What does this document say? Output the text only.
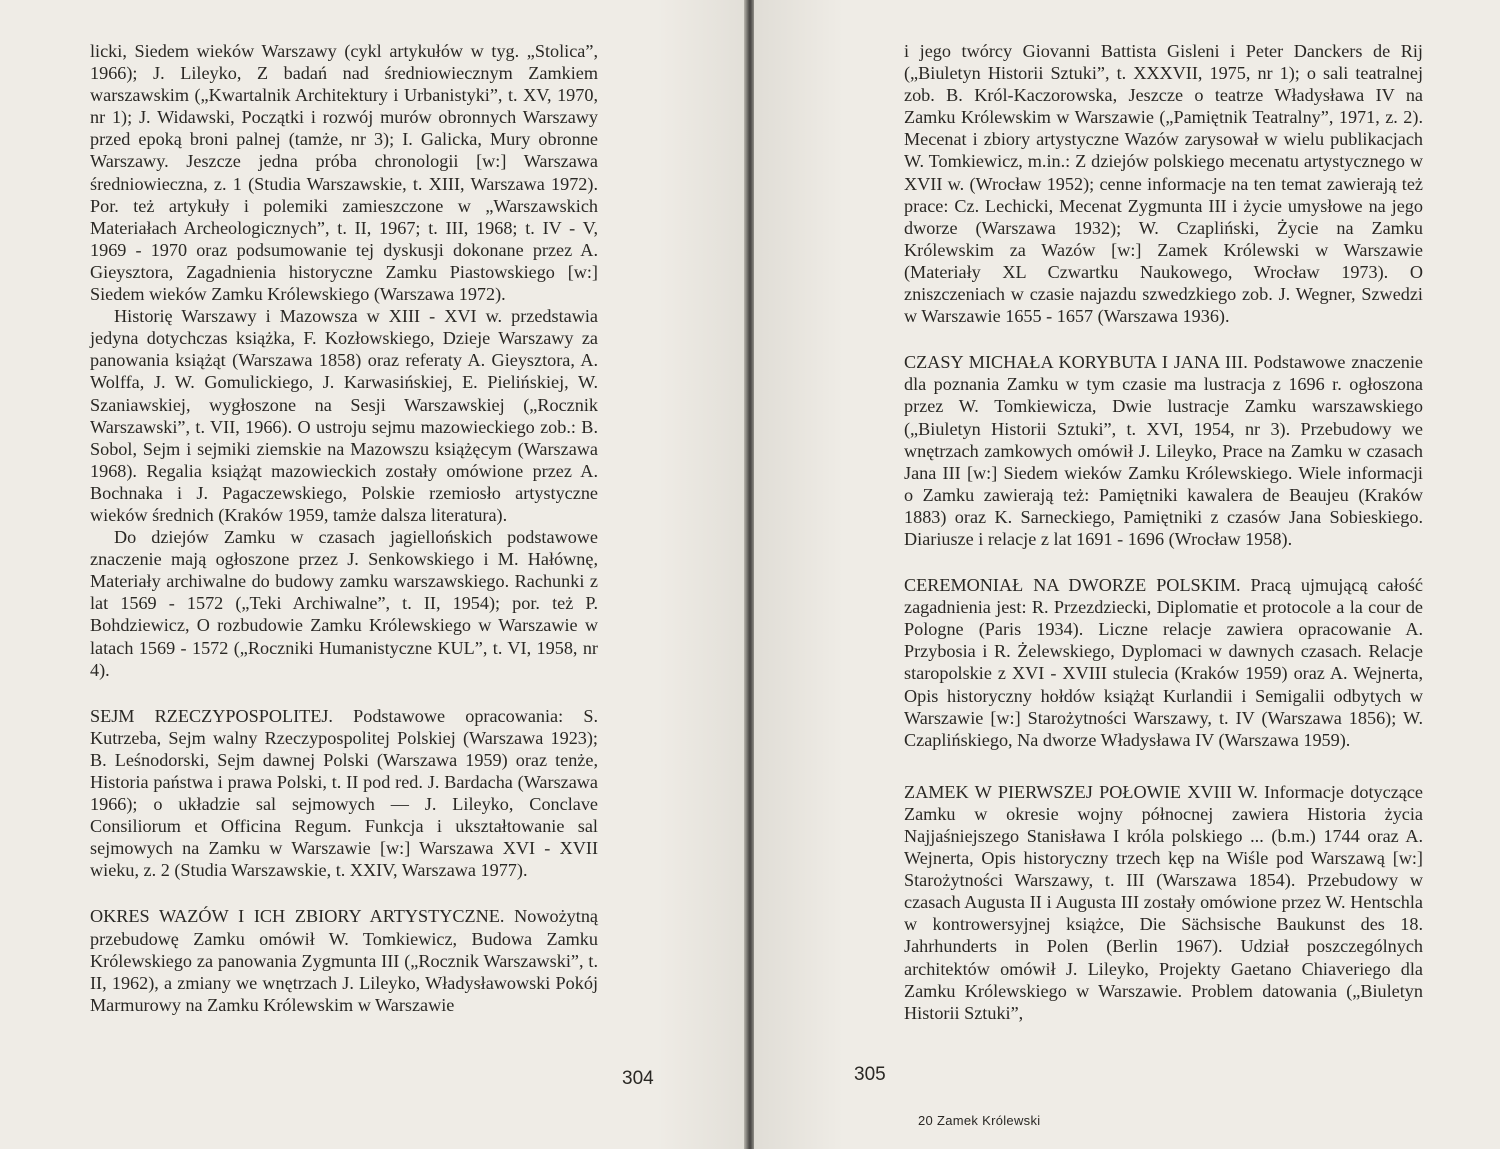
licki, Siedem wieków Warszawy (cykl artykułów w tyg. „Stolica”, 1966); J. Lileyko, Z badań nad średniowiecznym Zamkiem warszawskim („Kwartalnik Architektury i Urbanistyki”, t. XV, 1970, nr 1); J. Widawski, Początki i rozwój murów obronnych Warszawy przed epoką broni palnej (tamże, nr 3); I. Galicka, Mury obronne Warszawy. Jeszcze jedna próba chronologii [w:] Warszawa średniowieczna, z. 1 (Studia Warszawskie, t. XIII, Warszawa 1972). Por. też artykuły i polemiki zamieszczone w „Warszawskich Materiałach Archeologicznych”, t. II, 1967; t. III, 1968; t. IV - V, 1969 - 1970 oraz podsumowanie tej dyskusji dokonane przez A. Gieysztora, Zagadnienia historyczne Zamku Piastowskiego [w:] Siedem wieków Zamku Królewskiego (Warszawa 1972).

Historię Warszawy i Mazowsza w XIII - XVI w. przedstawia jedyna dotychczas książka, F. Kozłowskiego, Dzieje Warszawy za panowania książąt (Warszawa 1858) oraz referaty A. Gieysztora, A. Wolffa, J. W. Gomulickiego, J. Karwasińskiej, E. Pielińskiej, W. Szaniawskiej, wygłoszone na Sesji Warszawskiej („Rocznik Warszawski”, t. VII, 1966). O ustroju sejmu mazowieckiego zob.: B. Sobol, Sejm i sejmiki ziemskie na Mazowszu książęcym (Warszawa 1968). Regalia książąt mazowieckich zostały omówione przez A. Bochnaka i J. Pagaczewskiego, Polskie rzemiosło artystyczne wieków średnich (Kraków 1959, tamże dalsza literatura).

Do dziejów Zamku w czasach jagiellońskich podstawowe znaczenie mają ogłoszone przez J. Senkowskiego i M. Hałównę, Materiały archiwalne do budowy zamku warszawskiego. Rachunki z lat 1569 - 1572 („Teki Archiwalne”, t. II, 1954); por. też P. Bohdziewicz, O rozbudowie Zamku Królewskiego w Warszawie w latach 1569 - 1572 („Roczniki Humanistyczne KUL”, t. VI, 1958, nr 4).

SEJM RZECZYPOSPOLITEJ. Podstawowe opracowania: S. Kutrzeba, Sejm walny Rzeczypospolitej Polskiej (Warszawa 1923); B. Leśnodorski, Sejm dawnej Polski (Warszawa 1959) oraz tenże, Historia państwa i prawa Polski, t. II pod red. J. Bardacha (Warszawa 1966); o układzie sal sejmowych — J. Lileyko, Conclave Consiliorum et Officina Regum. Funkcja i ukształtowanie sal sejmowych na Zamku w Warszawie [w:] Warszawa XVI - XVII wieku, z. 2 (Studia Warszawskie, t. XXIV, Warszawa 1977).

OKRES WAZÓW I ICH ZBIORY ARTYSTYCZNE. Nowożytną przebudowę Zamku omówił W. Tomkiewicz, Budowa Zamku Królewskiego za panowania Zygmunta III („Rocznik Warszawski”, t. II, 1962), a zmiany we wnętrzach J. Lileyko, Władysławowski Pokój Marmurowy na Zamku Królewskim w Warszawie

304

i jego twórcy Giovanni Battista Gisleni i Peter Danckers de Rij („Biuletyn Historii Sztuki”, t. XXXVII, 1975, nr 1); o sali teatralnej zob. B. Król-Kaczorowska, Jeszcze o teatrze Władysława IV na Zamku Królewskim w Warszawie („Pamiętnik Teatralny”, 1971, z. 2). Mecenat i zbiory artystyczne Wazów zarysował w wielu publikacjach W. Tomkiewicz, m.in.: Z dziejów polskiego mecenatu artystycznego w XVII w. (Wrocław 1952); cenne informacje na ten temat zawierają też prace: Cz. Lechicki, Mecenat Zygmunta III i życie umysłowe na jego dworze (Warszawa 1932); W. Czapliński, Życie na Zamku Królewskim za Wazów [w:] Zamek Królewski w Warszawie (Materiały XL Czwartku Naukowego, Wrocław 1973). O zniszczeniach w czasie najazdu szwedzkiego zob. J. Wegner, Szwedzi w Warszawie 1655 - 1657 (Warszawa 1936).

CZASY MICHAŁA KORYBUTA I JANA III. Podstawowe znaczenie dla poznania Zamku w tym czasie ma lustracja z 1696 r. ogłoszona przez W. Tomkiewicza, Dwie lustracje Zamku warszawskiego („Biuletyn Historii Sztuki”, t. XVI, 1954, nr 3). Przebudowy we wnętrzach zamkowych omówił J. Lileyko, Prace na Zamku w czasach Jana III [w:] Siedem wieków Zamku Królewskiego. Wiele informacji o Zamku zawierają też: Pamiętniki kawalera de Beaujeu (Kraków 1883) oraz K. Sarneckiego, Pamiętniki z czasów Jana Sobieskiego. Diariusze i relacje z lat 1691 - 1696 (Wrocław 1958).

CEREMONIAŁ NA DWORZE POLSKIM. Pracą ujmującą całość zagadnienia jest: R. Przezdziecki, Diplomatie et protocole a la cour de Pologne (Paris 1934). Liczne relacje zawiera opracowanie A. Przybosia i R. Żelewskiego, Dyplomaci w dawnych czasach. Relacje staropolskie z XVI - XVIII stulecia (Kraków 1959) oraz A. Wejnerta, Opis historyczny hołdów książąt Kurlandii i Semigalii odbytych w Warszawie [w:] Starożytności Warszawy, t. IV (Warszawa 1856); W. Czaplińskiego, Na dworze Władysława IV (Warszawa 1959).

ZAMEK W PIERWSZEJ POŁOWIE XVIII W. Informacje dotyczące Zamku w okresie wojny północnej zawiera Historia życia Najjaśniejszego Stanisława I króla polskiego ... (b.m.) 1744 oraz A. Wejnerta, Opis historyczny trzech kęp na Wiśle pod Warszawą [w:] Starożytności Warszawy, t. III (Warszawa 1854). Przebudowy w czasach Augusta II i Augusta III zostały omówione przez W. Hentschla w kontrowersyjnej książce, Die Sächsische Baukunst des 18. Jahrhunderts in Polen (Berlin 1967). Udział poszczególnych architektów omówił J. Lileyko, Projekty Gaetano Chiaveriego dla Zamku Królewskiego w Warszawie. Problem datowania („Biuletyn Historii Sztuki”,

305
20 Zamek Królewski
